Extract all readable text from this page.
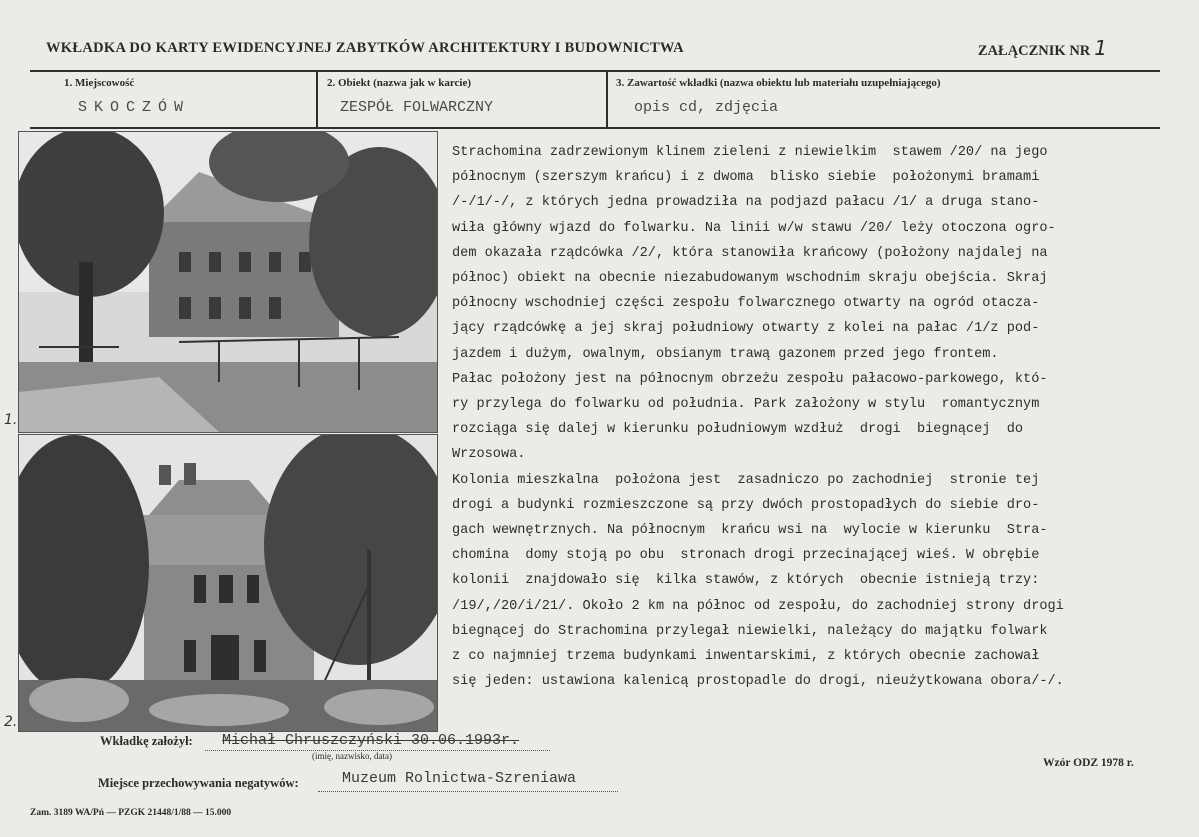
WKŁADKA DO KARTY EWIDENCYJNEJ ZABYTKÓW ARCHITEKTURY I BUDOWNICTWA	ZAŁĄCZNIK NR 1
1. Miejscowość
SKOCZÓW
2. Obiekt (nazwa jak w karcie)
ZESPÓŁ FOLWARCZNY
3. Zawartość wkładki (nazwa obiektu lub materiału uzupełniającego)
opis cd, zdjęcia
1.
2.
Strachomina zadrzewionym klinem zieleni z niewielkim  stawem /20/ na jego
północnym (szerszym krańcu) i z dwoma  blisko siebie  położonymi bramami
/-/1/-/, z których jedna prowadziła na podjazd pałacu /1/ a druga stano-
wiła główny wjazd do folwarku. Na linii w/w stawu /20/ leży otoczona ogro-
dem okazała rządcówka /2/, która stanowiła krańcowy (położony najdalej na
północ) obiekt na obecnie niezabudowanym wschodnim skraju obejścia. Skraj
północny wschodniej części zespołu folwarcznego otwarty na ogród otacza-
jący rządcówkę a jej skraj południowy otwarty z kolei na pałac /1/z pod-
jazdem i dużym, owalnym, obsianym trawą gazonem przed jego frontem.
Pałac położony jest na północnym obrzeżu zespołu pałacowo-parkowego, któ-
ry przylega do folwarku od południa. Park założony w stylu  romantycznym
rozciąga się dalej w kierunku południowym wzdłuż  drogi  biegnącej  do
Wrzosowa.
Kolonia mieszkalna  położona jest  zasadniczo po zachodniej  stronie tej
drogi a budynki rozmieszczone są przy dwóch prostopadłych do siebie dro-
gach wewnętrznych. Na północnym  krańcu wsi na  wylocie w kierunku  Stra-
chomina  domy stoją po obu  stronach drogi przecinającej wieś. W obrębie
kolonii  znajdowało się  kilka stawów, z których  obecnie istnieją trzy:
/19/,/20/i/21/. Około 2 km na północ od zespołu, do zachodniej strony drogi
biegnącej do Strachomina przylegał niewielki, należący do majątku folwark
z co najmniej trzema budynkami inwentarskimi, z których obecnie zachował
się jeden: ustawiona kalenicą prostopadle do drogi, nieużytkowana obora/-/.
Wkładkę założył: Michał Chruszczyński 30.06.1993r.
(imię, nazwisko, data)
Miejsce przechowywania negatywów:	Muzeum Rolnictwa-Szreniawa
Wzór ODZ 1978 r.
Zam. 3189 WA/Pń — PZGK 21448/1/88 — 15.000
